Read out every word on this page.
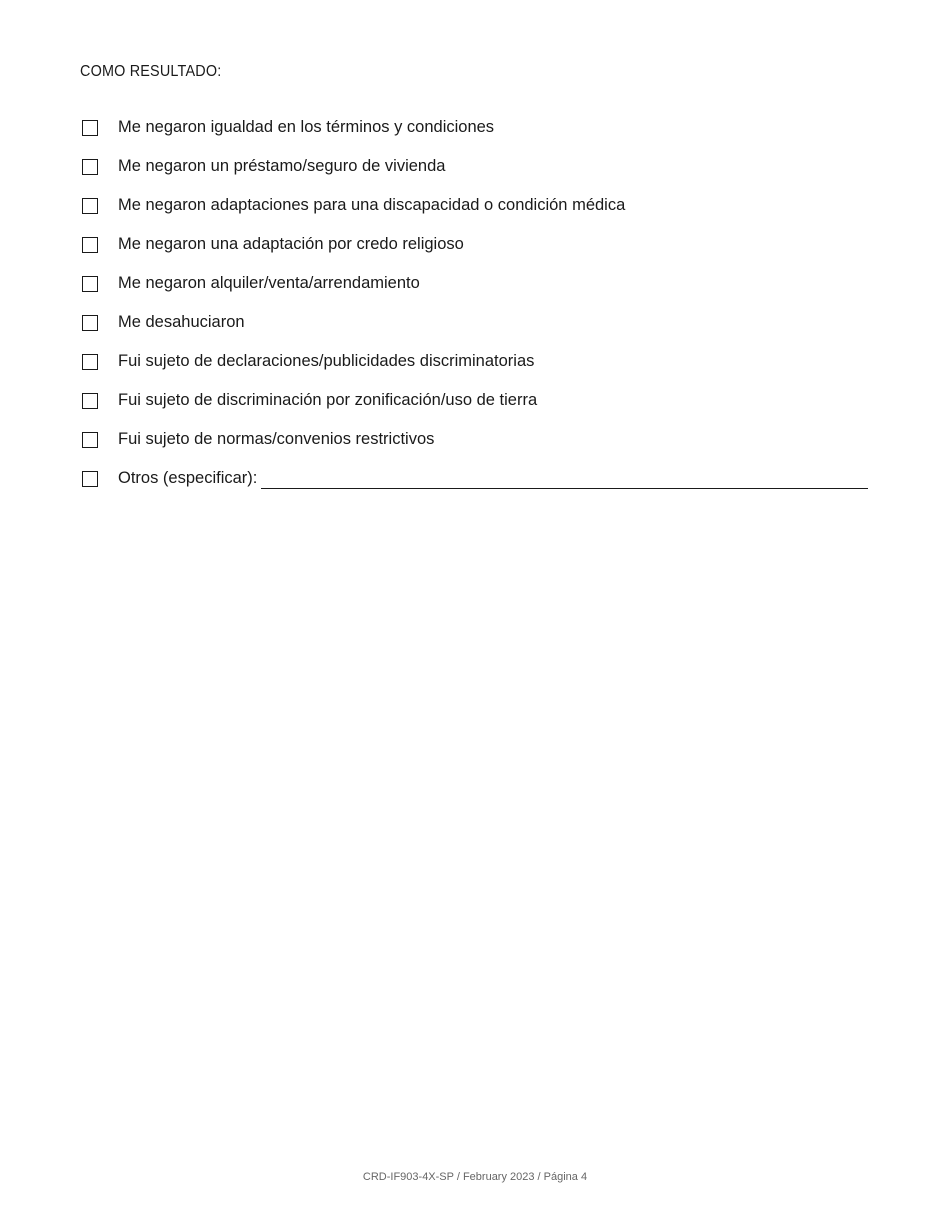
COMO RESULTADO:
Me negaron igualdad en los términos y condiciones
Me negaron un préstamo/seguro de vivienda
Me negaron adaptaciones para una discapacidad o condición médica
Me negaron una adaptación por credo religioso
Me negaron alquiler/venta/arrendamiento
Me desahuciaron
Fui sujeto de declaraciones/publicidades discriminatorias
Fui sujeto de discriminación por zonificación/uso de tierra
Fui sujeto de normas/convenios restrictivos
Otros (especificar):
CRD-IF903-4X-SP / February 2023 / Página 4
